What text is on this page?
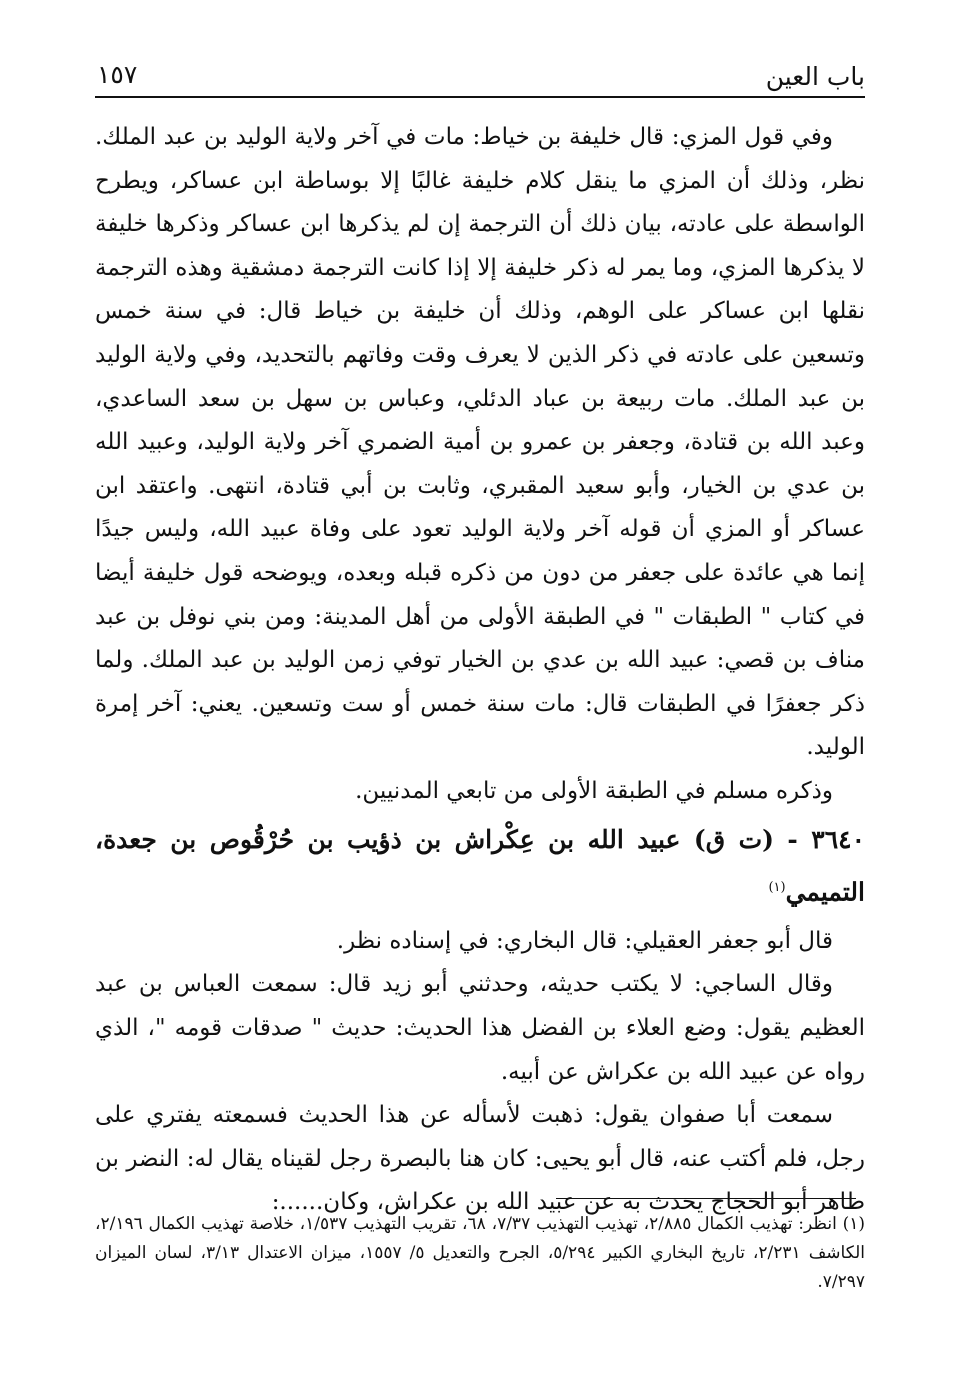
١٥٧	باب العين

وفي قول المزي: قال خليفة بن خياط: مات في آخر ولاية الوليد بن عبد الملك. نظر، وذلك أن المزي ما ينقل كلام خليفة غالبًا إلا بوساطة ابن عساكر، ويطرح الواسطة على عادته، بيان ذلك أن الترجمة إن لم يذكرها ابن عساكر وذكرها خليفة لا يذكرها المزي، وما يمر له ذكر خليفة إلا إذا كانت الترجمة دمشقية وهذه الترجمة نقلها ابن عساكر على الوهم، وذلك أن خليفة بن خياط قال: في سنة خمس وتسعين على عادته في ذكر الذين لا يعرف وقت وفاتهم بالتحديد، وفي ولاية الوليد بن عبد الملك. مات ربيعة بن عباد الدئلي، وعباس بن سهل بن سعد الساعدي، وعبد الله بن قتادة، وجعفر بن عمرو بن أمية الضمري آخر ولاية الوليد، وعبيد الله بن عدي بن الخيار، وأبو سعيد المقبري، وثابت بن أبي قتادة، انتهى. واعتقد ابن عساكر أو المزي أن قوله آخر ولاية الوليد تعود على وفاة عبيد الله، وليس جيدًا إنما هي عائدة على جعفر من دون من ذكره قبله وبعده، ويوضحه قول خليفة أيضا في كتاب " الطبقات " في الطبقة الأولى من أهل المدينة: ومن بني نوفل بن عبد مناف بن قصي: عبيد الله بن عدي بن الخيار توفي زمن الوليد بن عبد الملك. ولما ذكر جعفرًا في الطبقات قال: مات سنة خمس أو ست وتسعين. يعني: آخر إمرة الوليد.

وذكره مسلم في الطبقة الأولى من تابعي المدنيين.

٣٦٤٠ - (ت ق) عبيد الله بن عِكْراش بن ذؤيب بن حُرْقُوص بن جعدة، التميمي$^{(١)}$

قال أبو جعفر العقيلي: قال البخاري: في إسناده نظر.

وقال الساجي: لا يكتب حديثه، وحدثني أبو زيد قال: سمعت العباس بن عبد العظيم يقول: وضع العلاء بن الفضل هذا الحديث: حديث " صدقات قومه "، الذي رواه عن عبيد الله بن عكراش عن أبيه.

سمعت أبا صفوان يقول: ذهبت لأسأله عن هذا الحديث فسمعته يفتري على رجل، فلم أكتب عنه، قال أبو يحيى: كان هنا بالبصرة رجل لقيناه يقال له: النضر بن طاهر أبو الحجاج يحدث به عن عبيد الله بن عكراش، وكان......:

(١) انظر: تهذيب الكمال ٢/٨٨٥، تهذيب التهذيب ٧/٣٧، ٦٨، تقريب التهذيب ١/٥٣٧، خلاصة تهذيب الكمال ٢/١٩٦، الكاشف ٢/٢٣١، تاريخ البخاري الكبير ٥/٢٩٤، الجرح والتعديل ٥/ ١٥٥٧، ميزان الاعتدال ٣/١٣، لسان الميزان ٧/٢٩٧.
